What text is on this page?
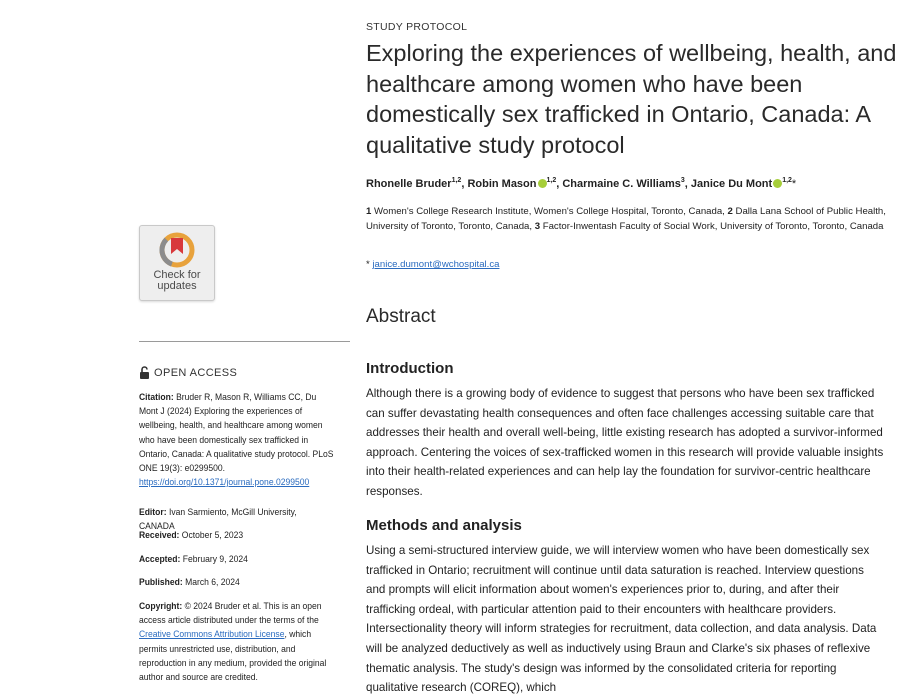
Check for
updates
OPEN ACCESS
Citation: Bruder R, Mason R, Williams CC, Du Mont J (2024) Exploring the experiences of wellbeing, health, and healthcare among women who have been domestically sex trafficked in Ontario, Canada: A qualitative study protocol. PLoS ONE 19(3): e0299500. https://doi.org/10.1371/journal.pone.0299500
Editor: Ivan Sarmiento, McGill University, CANADA
Received: October 5, 2023
Accepted: February 9, 2024
Published: March 6, 2024
Copyright: © 2024 Bruder et al. This is an open access article distributed under the terms of the Creative Commons Attribution License, which permits unrestricted use, distribution, and reproduction in any medium, provided the original author and source are credited.
STUDY PROTOCOL
Exploring the experiences of wellbeing, health, and healthcare among women who have been domestically sex trafficked in Ontario, Canada: A qualitative study protocol
Rhonelle Bruder$^{1,2}$, Robin Mason $^{1,2}$, Charmaine C. Williams$^3$, Janice Du Mont $^{1,2}$*
1 Women's College Research Institute, Women's College Hospital, Toronto, Canada, 2 Dalla Lana School of Public Health, University of Toronto, Toronto, Canada, 3 Factor-Inwentash Faculty of Social Work, University of Toronto, Toronto, Canada
* janice.dumont@wchospital.ca
Abstract
Introduction
Although there is a growing body of evidence to suggest that persons who have been sex trafficked can suffer devastating health consequences and often face challenges accessing suitable care that addresses their health and overall well-being, little existing research has adopted a survivor-informed approach. Centering the voices of sex-trafficked women in this research will provide valuable insights into their health-related experiences and can help lay the foundation for survivor-centric healthcare responses.
Methods and analysis
Using a semi-structured interview guide, we will interview women who have been domestically sex trafficked in Ontario; recruitment will continue until data saturation is reached. Interview questions and prompts will elicit information about women's experiences prior to, during, and after their trafficking ordeal, with particular attention paid to their encounters with healthcare providers. Intersectionality theory will inform strategies for recruitment, data collection, and data analysis. Data will be analyzed deductively as well as inductively using Braun and Clarke's six phases of reflexive thematic analysis. The study's design was informed by the consolidated criteria for reporting qualitative research (COREQ), which
